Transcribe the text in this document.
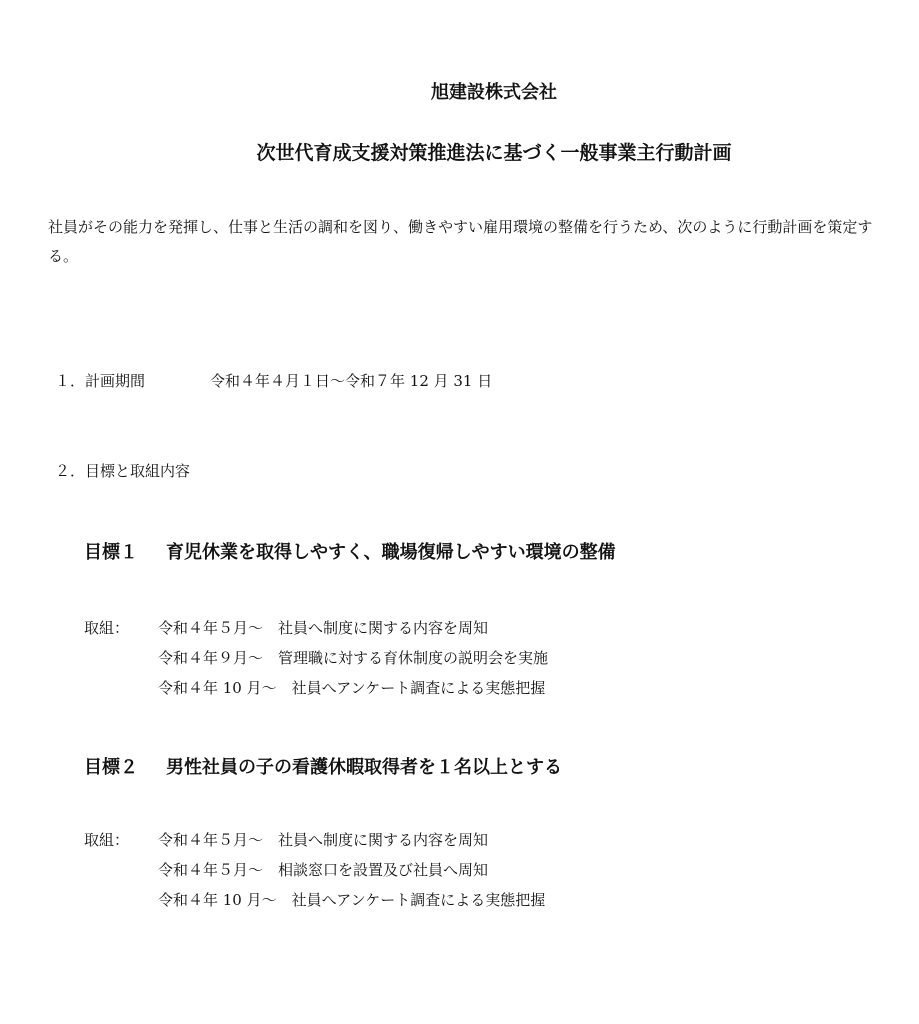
旭建設株式会社
次世代育成支援対策推進法に基づく一般事業主行動計画
社員がその能力を発揮し、仕事と生活の調和を図り、働きやすい雇用環境の整備を行うため、次のように行動計画を策定する。
１．計画期間	令和４年４月１日〜令和７年 12 月 31 日
２．目標と取組内容
目標１ 育児休業を取得しやすく、職場復帰しやすい環境の整備
取組： 令和４年５月〜　 社員へ制度に関する内容を周知
令和４年９月〜　 管理職に対する育休制度の説明会を実施
令和４年 10 月〜　 社員へアンケート調査による実態把握
目標２ 男性社員の子の看護休暇取得者を１名以上とする
取組： 令和４年５月〜　 社員へ制度に関する内容を周知
令和４年５月〜　 相談窓口を設置及び社員へ周知
令和４年 10 月〜　 社員へアンケート調査による実態把握
